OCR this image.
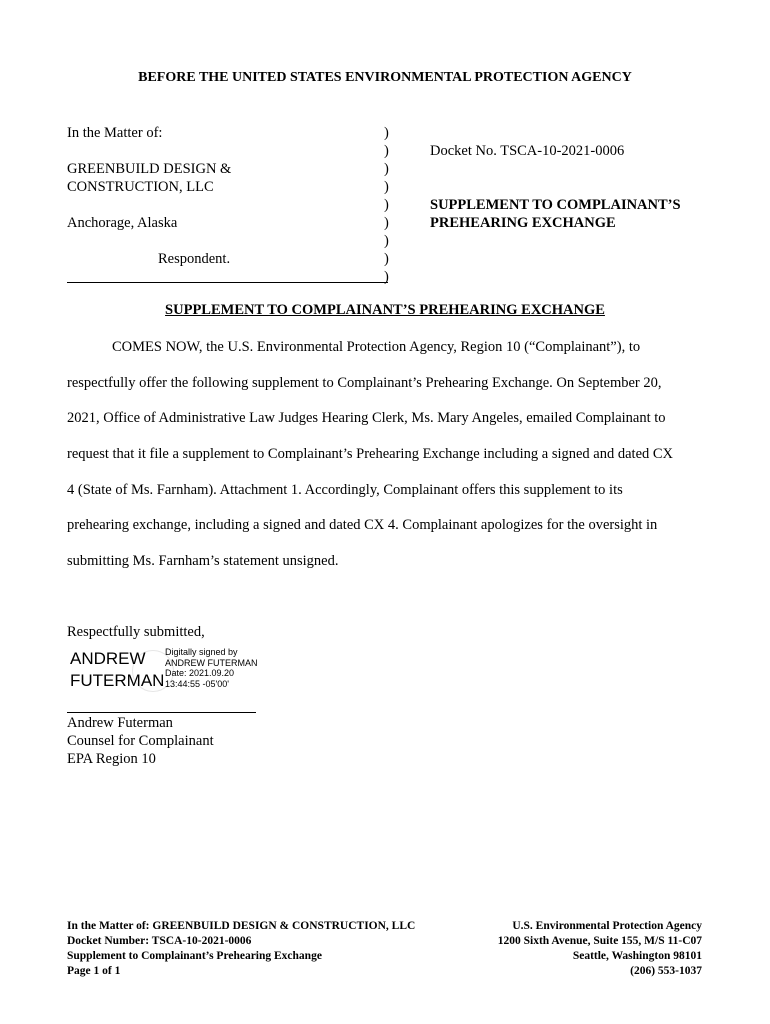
BEFORE THE UNITED STATES ENVIRONMENTAL PROTECTION AGENCY
In the Matter of:
GREENBUILD DESIGN &
CONSTRUCTION, LLC
Anchorage, Alaska
Respondent.
)
)
)
)
)
)
)
)
)
Docket No. TSCA-10-2021-0006
SUPPLEMENT TO COMPLAINANT’S
PREHEARING EXCHANGE
SUPPLEMENT TO COMPLAINANT’S PREHEARING EXCHANGE
COMES NOW, the U.S. Environmental Protection Agency, Region 10 (“Complainant”), to
respectfully offer the following supplement to Complainant’s Prehearing Exchange. On September 20,
2021, Office of Administrative Law Judges Hearing Clerk, Ms. Mary Angeles, emailed Complainant to
request that it file a supplement to Complainant’s Prehearing Exchange including a signed and dated CX
4 (State of Ms. Farnham). Attachment 1. Accordingly, Complainant offers this supplement to its
prehearing exchange, including a signed and dated CX 4. Complainant apologizes for the oversight in
submitting Ms. Farnham’s statement unsigned.
Respectfully submitted,
ANDREW
FUTERMAN
Digitally signed by
ANDREW FUTERMAN
Date: 2021.09.20
13:44:55 -05'00'
Andrew Futerman
Counsel for Complainant
EPA Region 10
In the Matter of: GREENBUILD DESIGN & CONSTRUCTION, LLC
Docket Number: TSCA-10-2021-0006
Supplement to Complainant’s Prehearing Exchange
Page 1 of 1
U.S. Environmental Protection Agency
1200 Sixth Avenue, Suite 155, M/S 11-C07
Seattle, Washington 98101
(206) 553-1037
